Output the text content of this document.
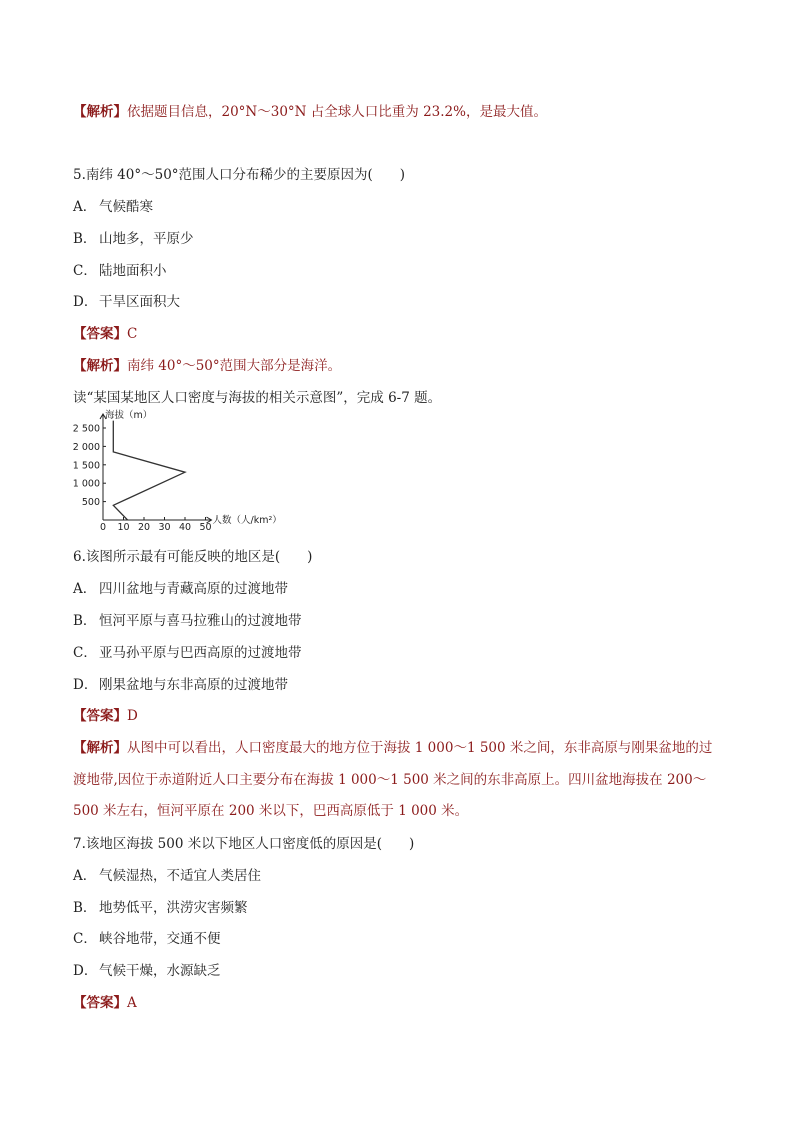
【解析】依据题目信息，20°N～30°N 占全球人口比重为 23.2%，是最大值。
5.南纬 40°～50°范围人口分布稀少的主要原因为(　　)
A． 气候酷寒
B． 山地多，平原少
C． 陆地面积小
D． 干旱区面积大
【答案】C
【解析】南纬 40°～50°范围大部分是海洋。
读“某国某地区人口密度与海拔的相关示意图”，完成 6-7 题。
海拔（m）
人数（人/km²）
500
1 000
1 500
2 000
2 500
0 10 20 30 40 50
6.该图所示最有可能反映的地区是(　　)
A． 四川盆地与青藏高原的过渡地带
B． 恒河平原与喜马拉雅山的过渡地带
C． 亚马孙平原与巴西高原的过渡地带
D． 刚果盆地与东非高原的过渡地带
【答案】D
【解析】从图中可以看出，人口密度最大的地方位于海拔 1 000～1 500 米之间，东非高原与刚果盆地的过渡地带,因位于赤道附近人口主要分布在海拔 1 000～1 500 米之间的东非高原上。四川盆地海拔在 200～500 米左右，恒河平原在 200 米以下，巴西高原低于 1 000 米。
7.该地区海拔 500 米以下地区人口密度低的原因是(　　)
A． 气候湿热，不适宜人类居住
B． 地势低平，洪涝灾害频繁
C． 峡谷地带，交通不便
D． 气候干燥，水源缺乏
【答案】A
